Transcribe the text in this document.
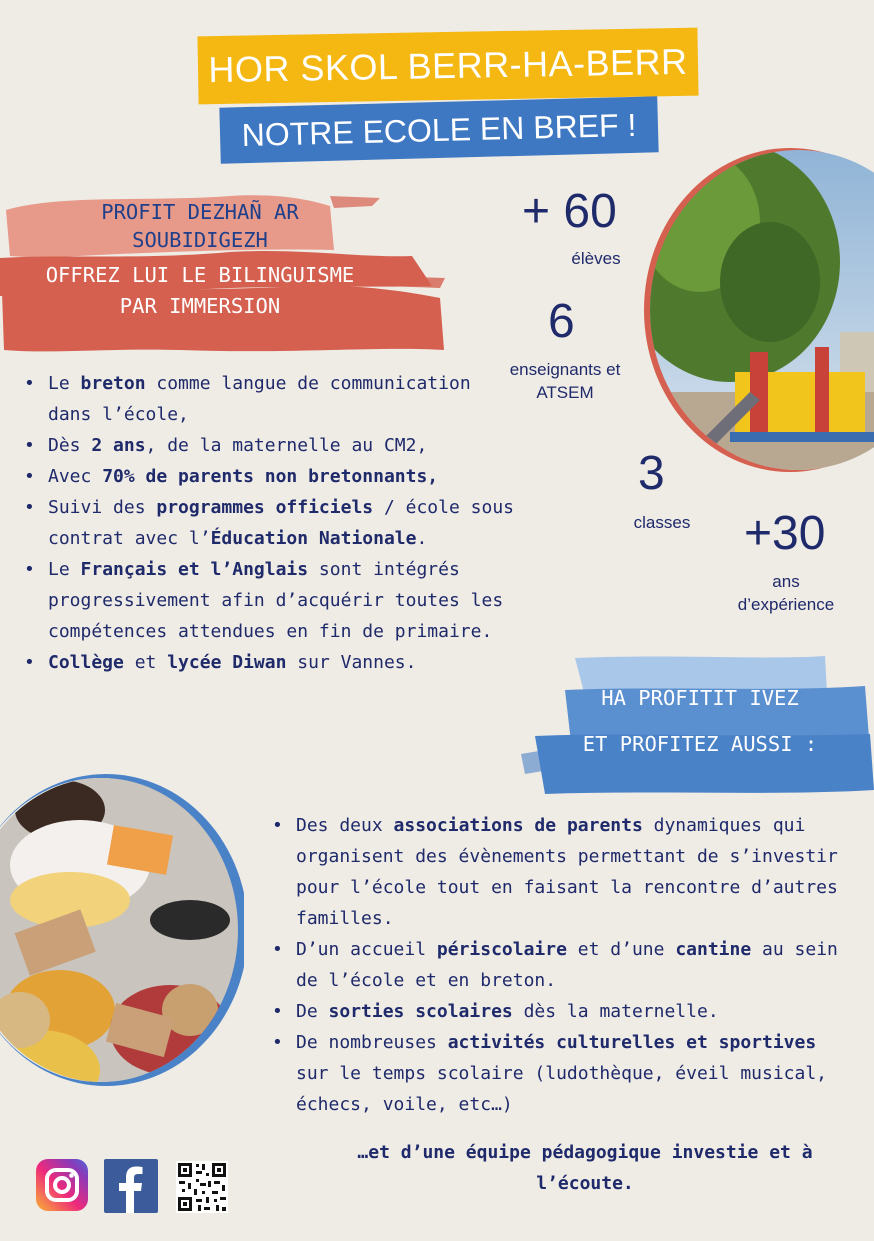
HOR SKOL BERR-HA-BERR
NOTRE ECOLE EN BREF !
PROFIT DEZHAÑ AR
SOUBIDIGEZH
OFFREZ LUI LE BILINGUISME
PAR IMMERSION
• Le breton comme langue de communication dans l’école,
• Dès 2 ans, de la maternelle au CM2,
• Avec 70% de parents non bretonnants,
• Suivi des programmes officiels / école sous contrat avec l’Éducation Nationale.
• Le Français et l’Anglais sont intégrés progressivement afin d’acquérir toutes les compétences attendues en fin de primaire.
• Collège et lycée Diwan sur Vannes.
+ 60
élèves
6
enseignants et
ATSEM
3
classes +30
ans
d’expérience
HA PROFITIT IVEZ
ET PROFITEZ AUSSI :
• Des deux associations de parents dynamiques qui organisent des évènements permettant de s’investir pour l’école tout en faisant la rencontre d’autres familles.
• D’un accueil périscolaire et d’une cantine au sein de l’école et en breton.
• De sorties scolaires dès la maternelle.
• De nombreuses activités culturelles et sportives sur le temps scolaire (ludothèque, éveil musical, échecs, voile, etc…)
…et d’une équipe pédagogique investie et à
l’écoute.
